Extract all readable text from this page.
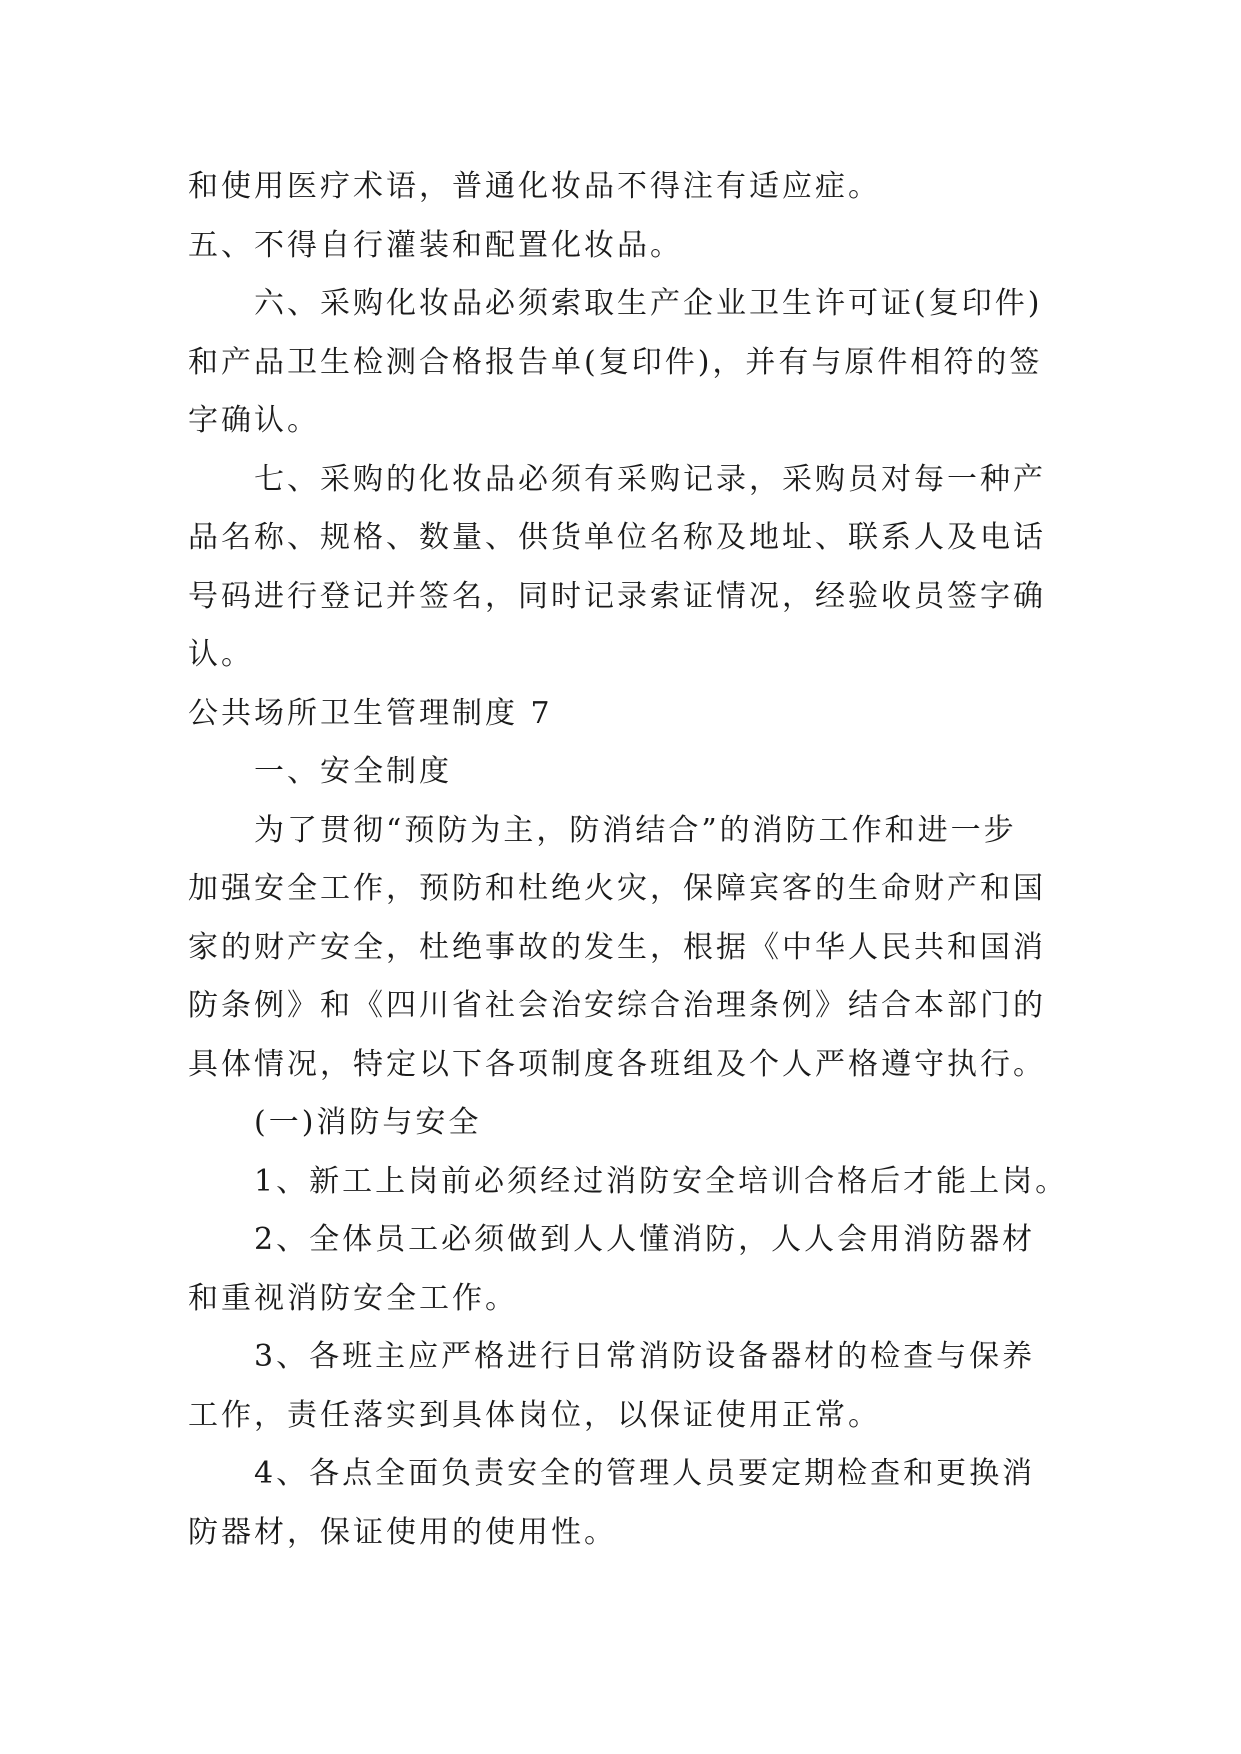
和使用医疗术语，普通化妆品不得注有适应症。
五、不得自行灌装和配置化妆品。
六、采购化妆品必须索取生产企业卫生许可证(复印件)
和产品卫生检测合格报告单(复印件)，并有与原件相符的签
字确认。
七、采购的化妆品必须有采购记录，采购员对每一种产
品名称、规格、数量、供货单位名称及地址、联系人及电话
号码进行登记并签名，同时记录索证情况，经验收员签字确
认。
公共场所卫生管理制度 7
一、安全制度
为了贯彻“预防为主，防消结合”的消防工作和进一步
加强安全工作，预防和杜绝火灾，保障宾客的生命财产和国
家的财产安全，杜绝事故的发生，根据《中华人民共和国消
防条例》和《四川省社会治安综合治理条例》结合本部门的
具体情况，特定以下各项制度各班组及个人严格遵守执行。
(一)消防与安全
1、新工上岗前必须经过消防安全培训合格后才能上岗。
2、全体员工必须做到人人懂消防，人人会用消防器材
和重视消防安全工作。
3、各班主应严格进行日常消防设备器材的检查与保养
工作，责任落实到具体岗位，以保证使用正常。
4、各点全面负责安全的管理人员要定期检查和更换消
防器材，保证使用的使用性。
